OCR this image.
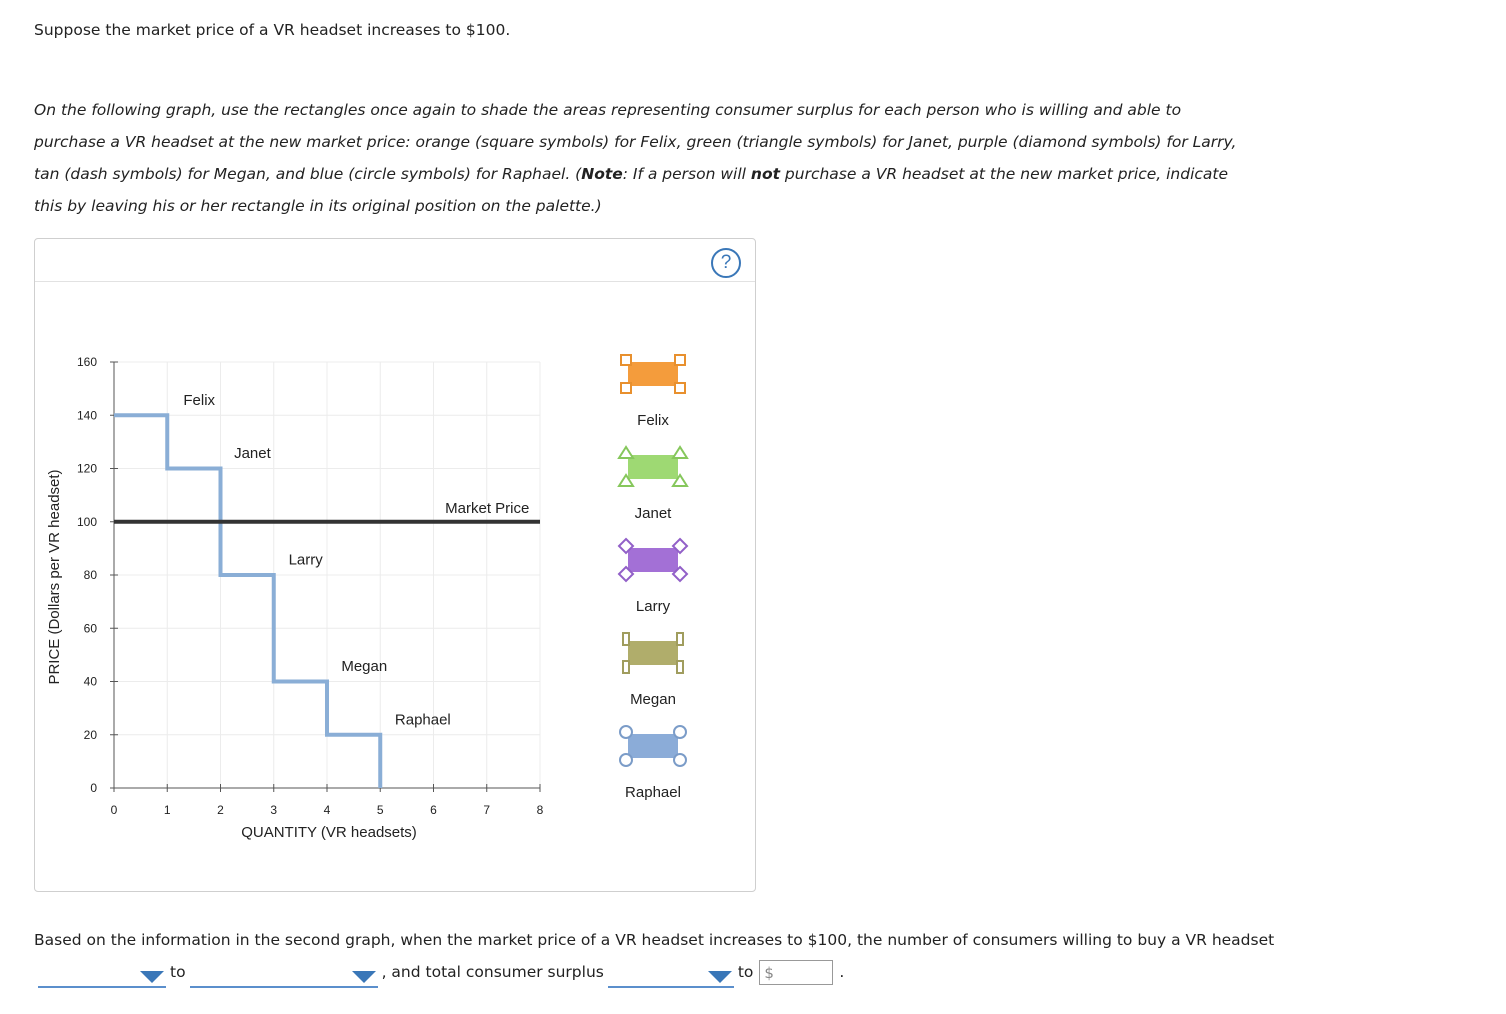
Suppose the market price of a VR headset increases to $100.

On the following graph, use the rectangles once again to shade the areas representing consumer surplus for each person who is willing and able to purchase a VR headset at the new market price: orange (square symbols) for Felix, green (triangle symbols) for Janet, purple (diamond symbols) for Larry, tan (dash symbols) for Megan, and blue (circle symbols) for Raphael. (Note: If a person will not purchase a VR headset at the new market price, indicate this by leaving his or her rectangle in its original position on the palette.)

?
0
20
40
60
80
100
120
140
160
0	1	2	3	4	5	6	7	8
QUANTITY (VR headsets)
PRICE (Dollars per VR headset)	Market Price
Felix
Janet
Larry
Megan
Raphael
Felix
Janet
Larry
Megan
Raphael
Based on the information in the second graph, when the market price of a VR headset increases to $100, the number of consumers willing to buy a VR headset
to	, and total consumer surplus	to $	.
